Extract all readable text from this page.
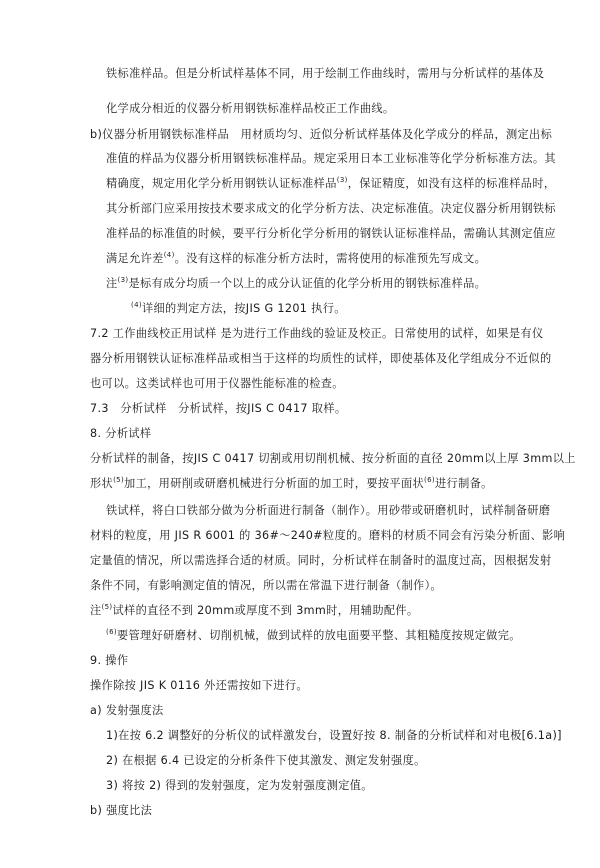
铁标准样品。但是分析试样基体不同，用于绘制工作曲线时，需用与分析试样的基体及
化学成分相近的仪器分析用钢铁标准样品校正工作曲线。
b)仪器分析用钢铁标准样品　用材质均匀、近似分析试样基体及化学成分的样品，测定出标
准值的样品为仪器分析用钢铁标准样品。规定采用日本工业标准等化学分析标准方法。其
精确度，规定用化学分析用钢铁认证标准样品$^{(3)}$，保证精度，如没有这样的标准样品时，
其分析部门应采用按技术要求成文的化学分析方法、决定标准值。决定仪器分析用钢铁标
准样品的标准值的时候，要平行分析化学分析用的钢铁认证标准样品，需确认其测定值应
满足允许差$^{(4)}$。没有这样的标准分析方法时，需将使用的标准预先写成文。
注$^{(3)}$是标有成分均质一个以上的成分认证值的化学分析用的钢铁标准样品。
$^{(4)}$详细的判定方法，按JIS G 1201 执行。
7.2 工作曲线校正用试样 是为进行工作曲线的验证及校正。日常使用的试样，如果是有仪
器分析用钢铁认证标准样品或相当于这样的均质性的试样，即使基体及化学组成分不近似的
也可以。这类试样也可用于仪器性能标准的检查。
7.3　分析试样　分析试样，按JIS C 0417 取样。
8. 分析试样
分析试样的制备，按JIS C 0417 切割或用切削机械、按分析面的直径 20mm以上厚 3mm以上
形状$^{(5)}$加工，用研削或研磨机械进行分析面的加工时，要按平面状$^{(6)}$进行制备。
铁试样，将白口铁部分做为分析面进行制备（制作）。用砂带或研磨机时，试样制备研磨
材料的粒度，用 JIS R 6001 的 36#～240#粒度的。磨料的材质不同会有污染分析面、影响
定量值的情况，所以需选择合适的材质。同时，分析试样在制备时的温度过高，因根据发射
条件不同，有影响测定值的情况，所以需在常温下进行制备（制作）。
注$^{(5)}$试样的直径不到 20mm或厚度不到 3mm时，用辅助配件。
$^{(6)}$要管理好研磨材、切削机械，做到试样的放电面要平整、其粗糙度按规定做完。
9. 操作
操作除按 JIS K 0116 外还需按如下进行。
a) 发射强度法
1)在按 6.2 调整好的分析仪的试样激发台，设置好按 8. 制备的分析试样和对电极[6.1a)]
2) 在根据 6.4 已设定的分析条件下使其激发、测定发射强度。
3) 将按 2) 得到的发射强度，定为发射强度测定值。
b) 强度比法
